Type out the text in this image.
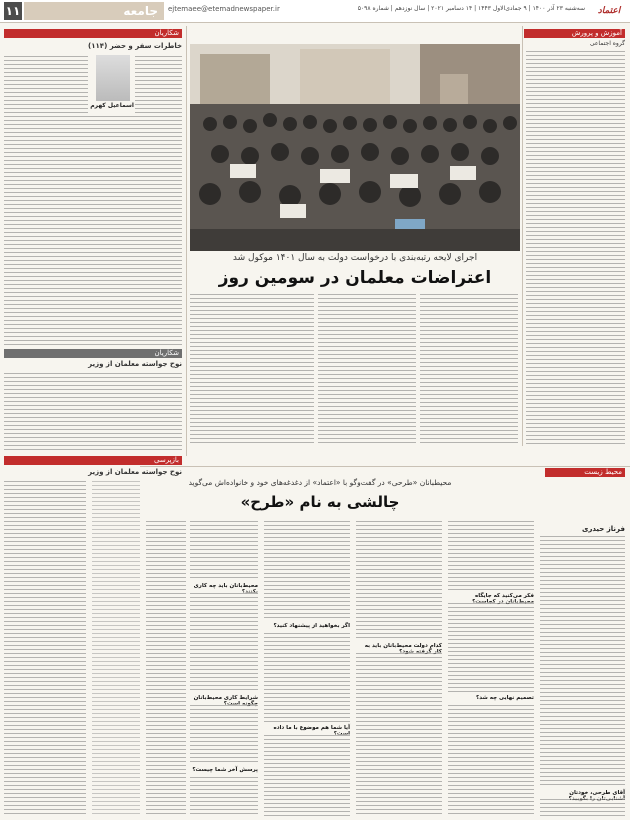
۱۱	جامعه	ejtemaee@etemadnewspaper.ir	سه‌شنبه ۲۳ آذر ۱۴۰۰ | ۹ جمادی‌الاول ۱۴۴۳ | ۱۴ دسامبر ۲۰۲۱ | سال نوزدهم | شماره ۵۰۹۸	اعتماد
آموزش و پرورش
گروه اجتماعی
اجرای لایحه رتبه‌بندی با درخواست دولت به سال ۱۴۰۱ موکول شد
اعتراضات معلمان در سومین روز
شکاریان
خاطرات سفر و حضر (۱۱۴)
اسماعیل کهرم
شکاریان
نوح جواسته معلمان از وزیر
بازپرسی
نوح جواسته معلمان از وزیر	محیط زیست
محیطبانان «طرحی» در گفت‌وگو با «اعتماد» از دغدغه‌های خود و خانواده‌اش می‌گوید
چالشی به نام «طرح»
فرناز حیدری
آقای طرحی، خودتان
فکر می‌کنید که جایگاه
تصمیم نهایی چه شد؟
کدام دولت محیط‌بانان باید به
اگر بخواهید از پیشنهاد کنید؟
آیا شما هم موضوع با ما داده
محیط‌بانان باید چه کاری
شرایط کاری محیط‌بانان
پرسش آخر شما چیست؟
